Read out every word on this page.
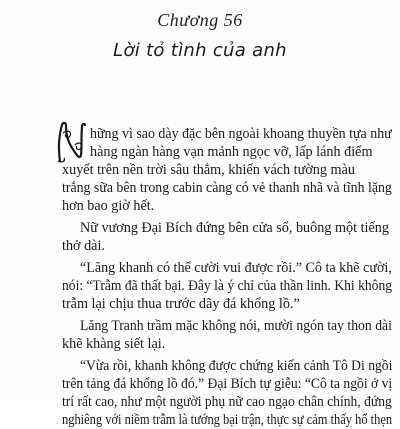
Chương 56
Lời tỏ tình của anh
hững vì sao dày đặc bên ngoài khoang thuyền tựa như
hàng ngàn hàng vạn mảnh ngọc vỡ, lấp lánh điểm
xuyết trên nền trời sâu thẳm, khiến vách tường màu
trắng sữa bên trong cabin càng có vẻ thanh nhã và tĩnh lặng
hơn bao giờ hết.
Nữ vương Đại Bích đứng bên cửa sổ, buông một tiếng
thở dài.
“Lăng khanh có thể cười vui được rồi.” Cô ta khẽ cười,
nói: “Trẫm đã thất bại. Đây là ý chỉ của thần linh. Khi không
trẫm lại chịu thua trước dãy đá khổng lồ.”
Lăng Tranh trầm mặc không nói, mười ngón tay thon dài
khẽ khàng siết lại.
“Vừa rồi, khanh không được chứng kiến cảnh Tô Di ngồi
trên tảng đá khổng lồ đó.” Đại Bích tự giễu: “Cô ta ngồi ở vị
trí rất cao, như một người phụ nữ cao ngạo chân chính, đứng
nghiêng với niềm trẫm là tướng bại trận, thực sự cảm thấy hổ thẹn
